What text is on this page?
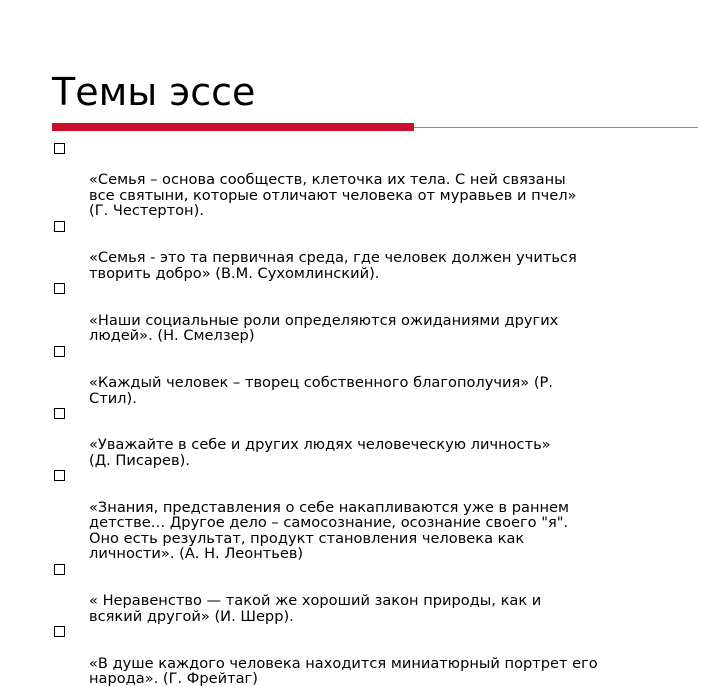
Темы эссе

«Семья – основа сообществ, клеточка их тела. С ней связаны
все святыни, которые отличают человека от муравьев и пчел»
(Г. Честертон).

«Семья - это та первичная среда, где человек должен учиться
творить добро» (В.М. Сухомлинский).

«Наши социальные роли определяются ожиданиями других
людей». (Н. Смелзер)

«Каждый человек – творец собственного благополучия» (Р.
Стил).

«Уважайте в себе и других людях человеческую личность»
(Д. Писарев).

«Знания, представления о себе накапливаются уже в раннем
детстве… Другое дело – самосознание, осознание своего "я".
Оно есть результат, продукт становления человека как
личности». (А. Н. Леонтьев)

« Неравенство — такой же хороший закон природы, как и
всякий другой» (И. Шерр).

«В душе каждого человека находится миниатюрный портрет его
народа». (Г. Фрейтаг)
